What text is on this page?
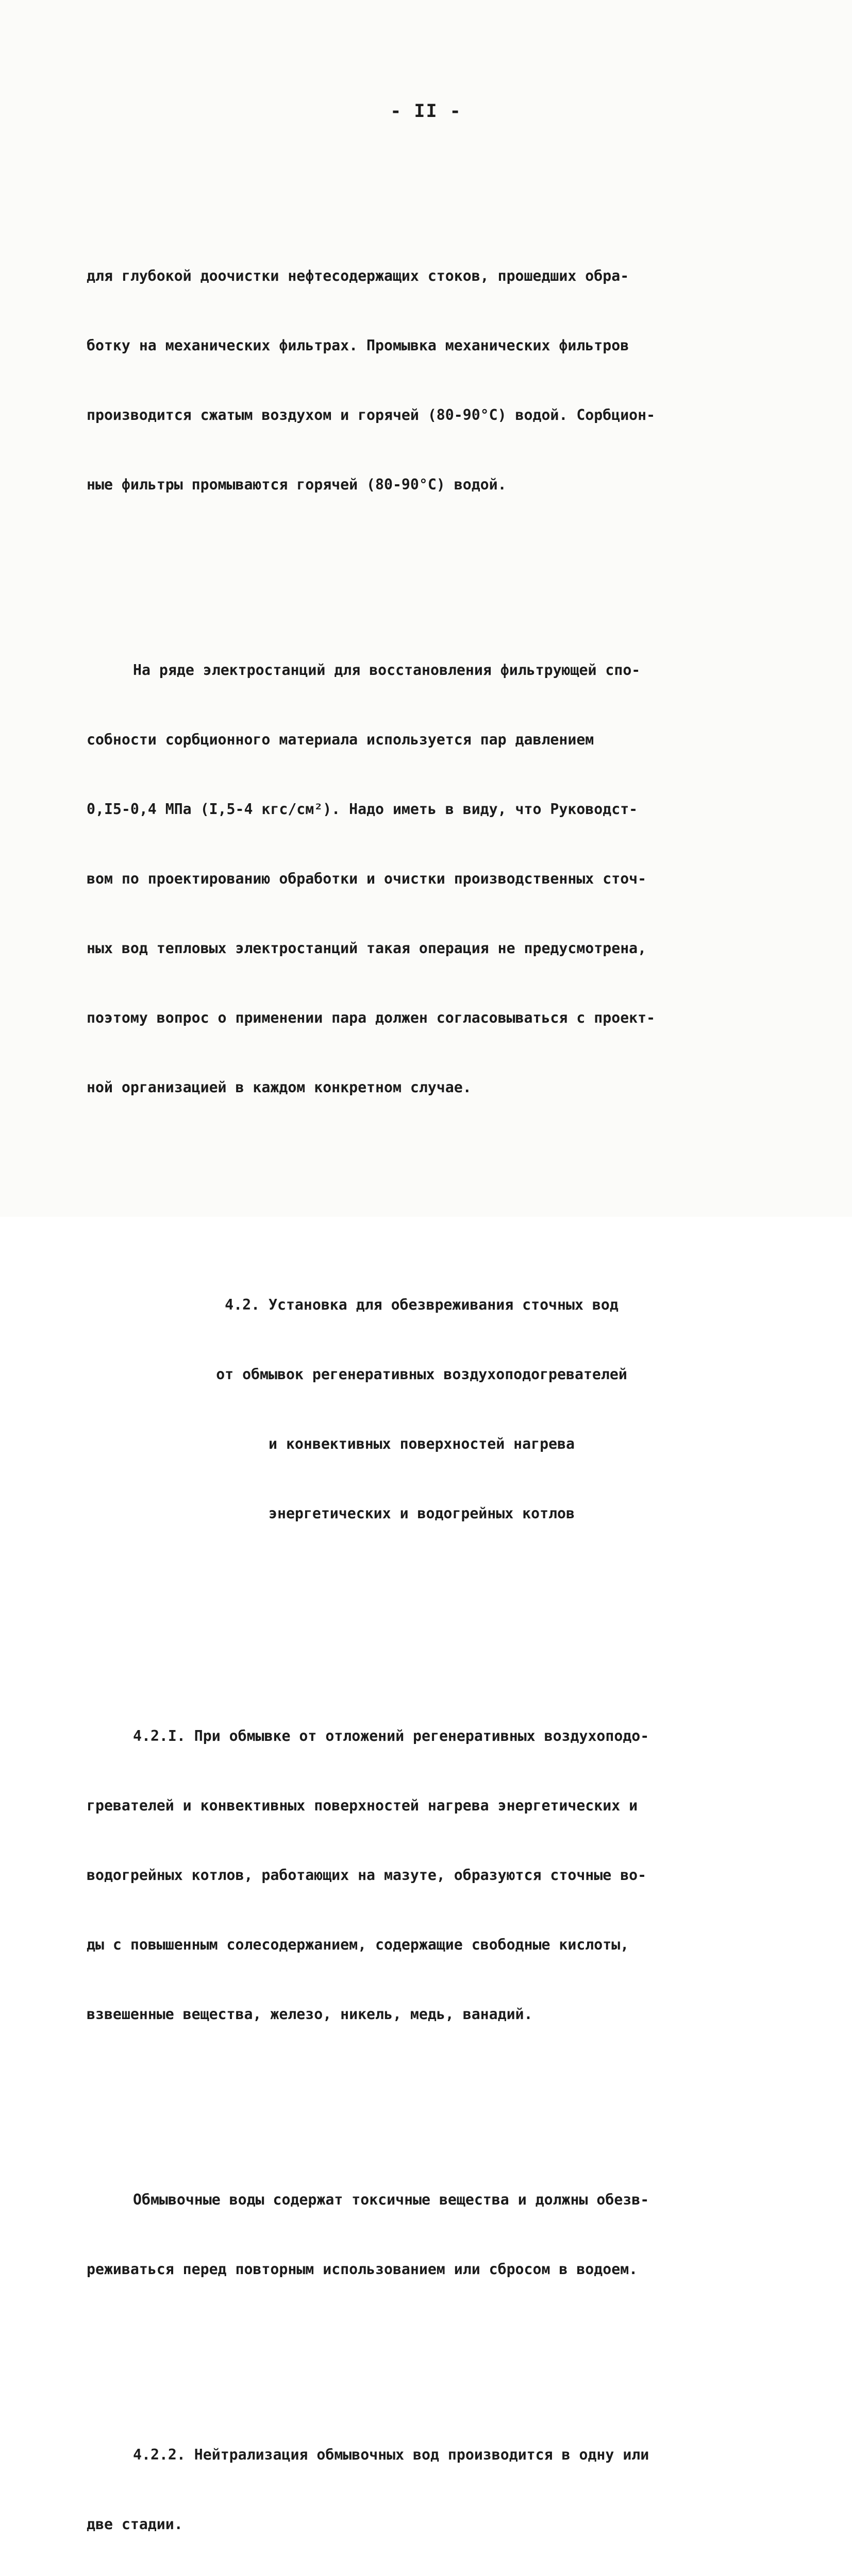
- II -

для глубокой доочистки нефтесодержащих стоков, прошедших обра-

ботку на механических фильтрах. Промывка механических фильтров

производится сжатым воздухом и горячей (80-90°С) водой. Сорбцион-

ные фильтры промываются горячей (80-90°С) водой.

На ряде электростанций для восстановления фильтрующей спо-

собности сорбционного материала используется пар давлением

0,I5-0,4 МПа (I,5-4 кгс/см²). Надо иметь в виду, что Руководст-

вом по проектированию обработки и очистки производственных сточ-

ных вод тепловых электростанций такая операция не предусмотрена,

поэтому вопрос о применении пара должен согласовываться с проект-

ной организацией в каждом конкретном случае.

4.2. Установка для обезвреживания сточных вод

от обмывок регенеративных воздухоподогревателей

и конвективных поверхностей нагрева

энергетических и водогрейных котлов

4.2.I. При обмывке от отложений регенеративных воздухоподо-

гревателей и конвективных поверхностей нагрева энергетических и

водогрейных котлов, работающих на мазуте, образуются сточные во-

ды с повышенным солесодержанием, содержащие свободные кислоты,

взвешенные вещества, железо, никель, медь, ванадий.

Обмывочные воды содержат токсичные вещества и должны обезв-

реживаться перед повторным использованием или сбросом в водоем.

4.2.2. Нейтрализация обмывочных вод производится в одну или

две стадии.
